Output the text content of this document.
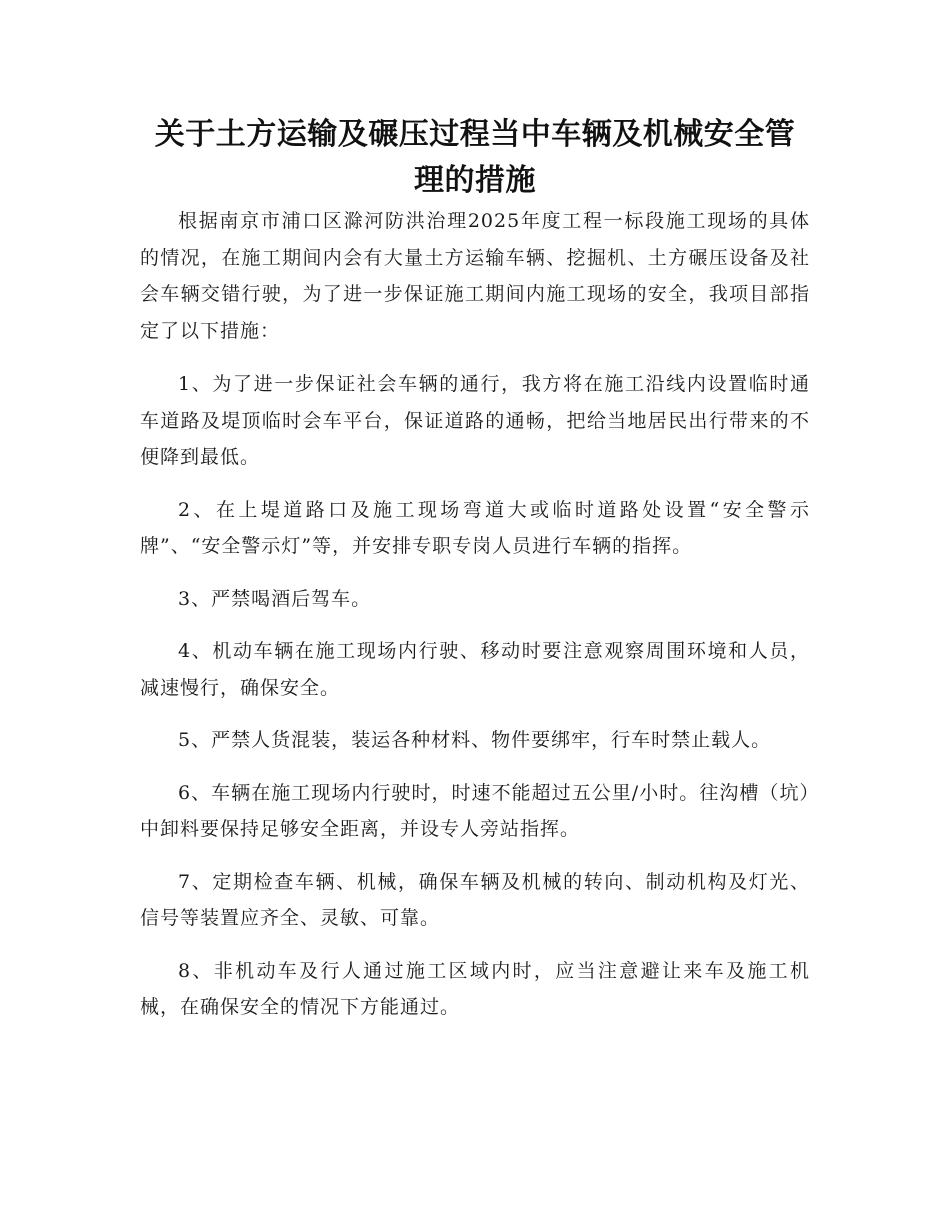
关于土方运输及碾压过程当中车辆及机械安全管理的措施

根据南京市浦口区滁河防洪治理2025年度工程一标段施工现场的具体的情况，在施工期间内会有大量土方运输车辆、挖掘机、土方碾压设备及社会车辆交错行驶，为了进一步保证施工期间内施工现场的安全，我项目部指定了以下措施：

1、为了进一步保证社会车辆的通行，我方将在施工沿线内设置临时通车道路及堤顶临时会车平台，保证道路的通畅，把给当地居民出行带来的不便降到最低。

2、在上堤道路口及施工现场弯道大或临时道路处设置“安全警示牌”、“安全警示灯”等，并安排专职专岗人员进行车辆的指挥。

3、严禁喝酒后驾车。

4、机动车辆在施工现场内行驶、移动时要注意观察周围环境和人员，减速慢行，确保安全。

5、严禁人货混装，装运各种材料、物件要绑牢，行车时禁止载人。

6、车辆在施工现场内行驶时，时速不能超过五公里/小时。往沟槽（坑）中卸料要保持足够安全距离，并设专人旁站指挥。

7、定期检查车辆、机械，确保车辆及机械的转向、制动机构及灯光、信号等装置应齐全、灵敏、可靠。

8、非机动车及行人通过施工区域内时，应当注意避让来车及施工机械，在确保安全的情况下方能通过。
